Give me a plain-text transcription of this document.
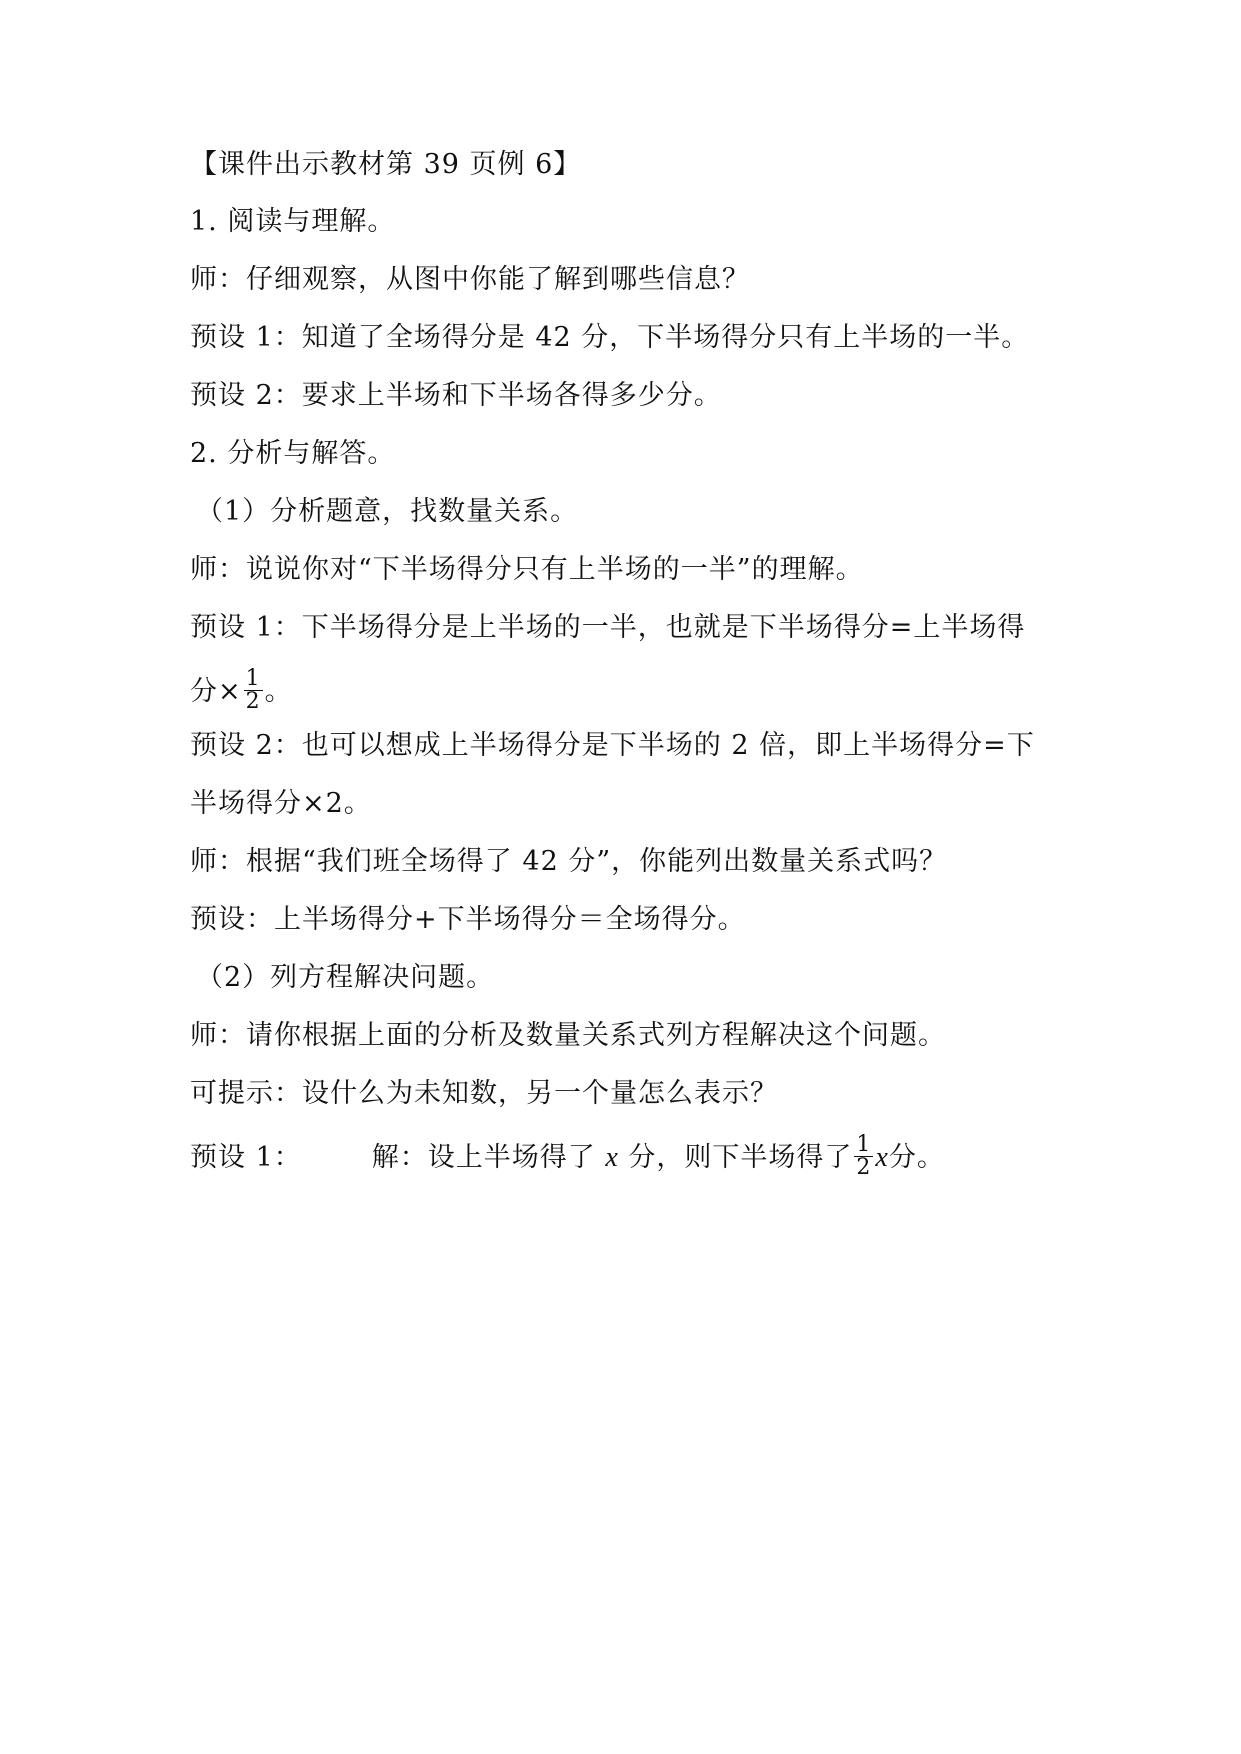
【课件出示教材第 39 页例 6】
1. 阅读与理解。
师：仔细观察，从图中你能了解到哪些信息？
预设 1：知道了全场得分是 42 分，下半场得分只有上半场的一半。
预设 2：要求上半场和下半场各得多少分。
2. 分析与解答。
（1）分析题意，找数量关系。
师：说说你对“下半场得分只有上半场的一半”的理解。
预设 1：下半场得分是上半场的一半，也就是下半场得分=上半场得
分× $\frac{1}{2}$ 。
预设 2：也可以想成上半场得分是下半场的 2 倍，即上半场得分=下
半场得分×2。
师：根据“我们班全场得了 42 分”，你能列出数量关系式吗？
预设：上半场得分+下半场得分＝全场得分。
（2）列方程解决问题。
师：请你根据上面的分析及数量关系式列方程解决这个问题。
可提示：设什么为未知数，另一个量怎么表示？
预设 1：	解：设上半场得了 x 分，则下半场得了 $\frac{1}{2}$ x分。
